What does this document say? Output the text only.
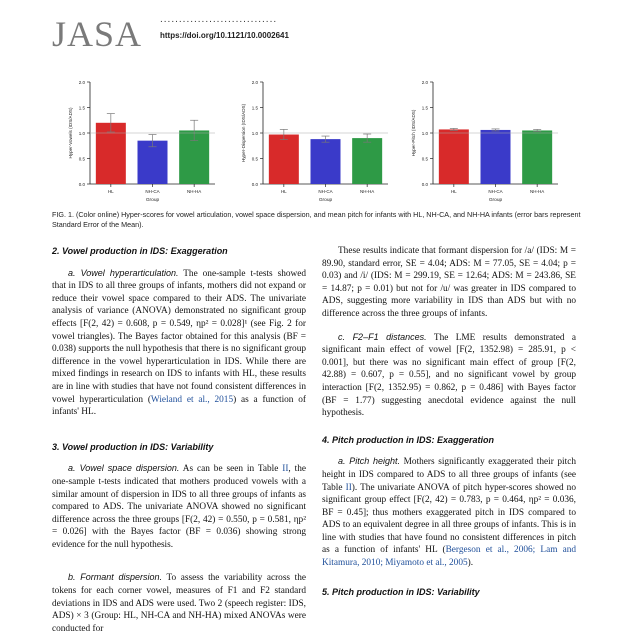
JASA ...............................
https://doi.org/10.1121/10.0002641
0.0
0.5
1.0
1.5
2.0
Hyper-Vowels (IDS/ADS)
HL	NH-CA	NH-HA
Group
0.0
0.5
1.0
1.5
2.0
Hyper-Dispersion (IDS/ADS)
HL	NH-CA	NH-HA
Group
0.0
0.5
1.0
1.5
2.0
Hyper-Pitch (IDS/ADS)
HL	NH-CA	NH-HA
Group
FIG. 1. (Color online) Hyper-scores for vowel articulation, vowel space dispersion, and mean pitch for infants with HL, NH-CA, and NH-HA infants (error bars represent Standard Error of the Mean).

2. Vowel production in IDS: Exaggeration

a. Vowel hyperarticulation. The one-sample t-tests showed that in IDS to all three groups of infants, mothers did not expand or reduce their vowel space compared to their ADS. The univariate analysis of variance (ANOVA) demonstrated no significant group effects [F(2, 42) = 0.608, p = 0.549, ηp² = 0.028]¹ (see Fig. 2 for vowel triangles). The Bayes factor obtained for this analysis (BF = 0.038) supports the null hypothesis that there is no significant group difference in the vowel hyperarticulation in IDS. While there are mixed findings in research on IDS to infants with HL, these results are in line with studies that have not found consistent differences in vowel hyperarticulation (Wieland et al., 2015) as a function of infants' HL.

3. Vowel production in IDS: Variability

a. Vowel space dispersion. As can be seen in Table II, the one-sample t-tests indicated that mothers produced vowels with a similar amount of dispersion in IDS to all three groups of infants as compared to ADS. The univariate ANOVA showed no significant difference across the three groups [F(2, 42) = 0.550, p = 0.581, ηp² = 0.026] with the Bayes factor (BF = 0.036) showing strong evidence for the null hypothesis.

b. Formant dispersion. To assess the variability across the tokens for each corner vowel, measures of F1 and F2 standard deviations in IDS and ADS were used. Two 2 (speech register: IDS, ADS) × 3 (Group: HL, NH-CA and NH-HA) mixed ANOVAs were conducted for

These results indicate that formant dispersion for /a/ (IDS: M = 89.90, standard error, SE = 4.04; ADS: M = 77.05, SE = 4.04; p = 0.03) and /i/ (IDS: M = 299.19, SE = 12.64; ADS: M = 243.86, SE = 14.87; p = 0.01) but not for /u/ was greater in IDS compared to ADS, suggesting more variability in IDS than ADS but with no difference across the three groups of infants.

c. F2–F1 distances. The LME results demonstrated a significant main effect of vowel [F(2, 1352.98) = 285.91, p < 0.001], but there was no significant main effect of group [F(2, 42.88) = 0.607, p = 0.55], and no significant vowel by group interaction [F(2, 1352.95) = 0.862, p = 0.486] with Bayes factor (BF = 1.77) suggesting anecdotal evidence against the null hypothesis.

4. Pitch production in IDS: Exaggeration

a. Pitch height. Mothers significantly exaggerated their pitch height in IDS compared to ADS to all three groups of infants (see Table II). The univariate ANOVA of pitch hyper-scores showed no significant group effect [F(2, 42) = 0.783, p = 0.464, ηp² = 0.036, BF = 0.45]; thus mothers exaggerated pitch in IDS compared to ADS to an equivalent degree in all three groups of infants. This is in line with studies that have found no consistent differences in pitch as a function of infants' HL (Bergeson et al., 2006; Lam and Kitamura, 2010; Miyamoto et al., 2005).

5. Pitch production in IDS: Variability
